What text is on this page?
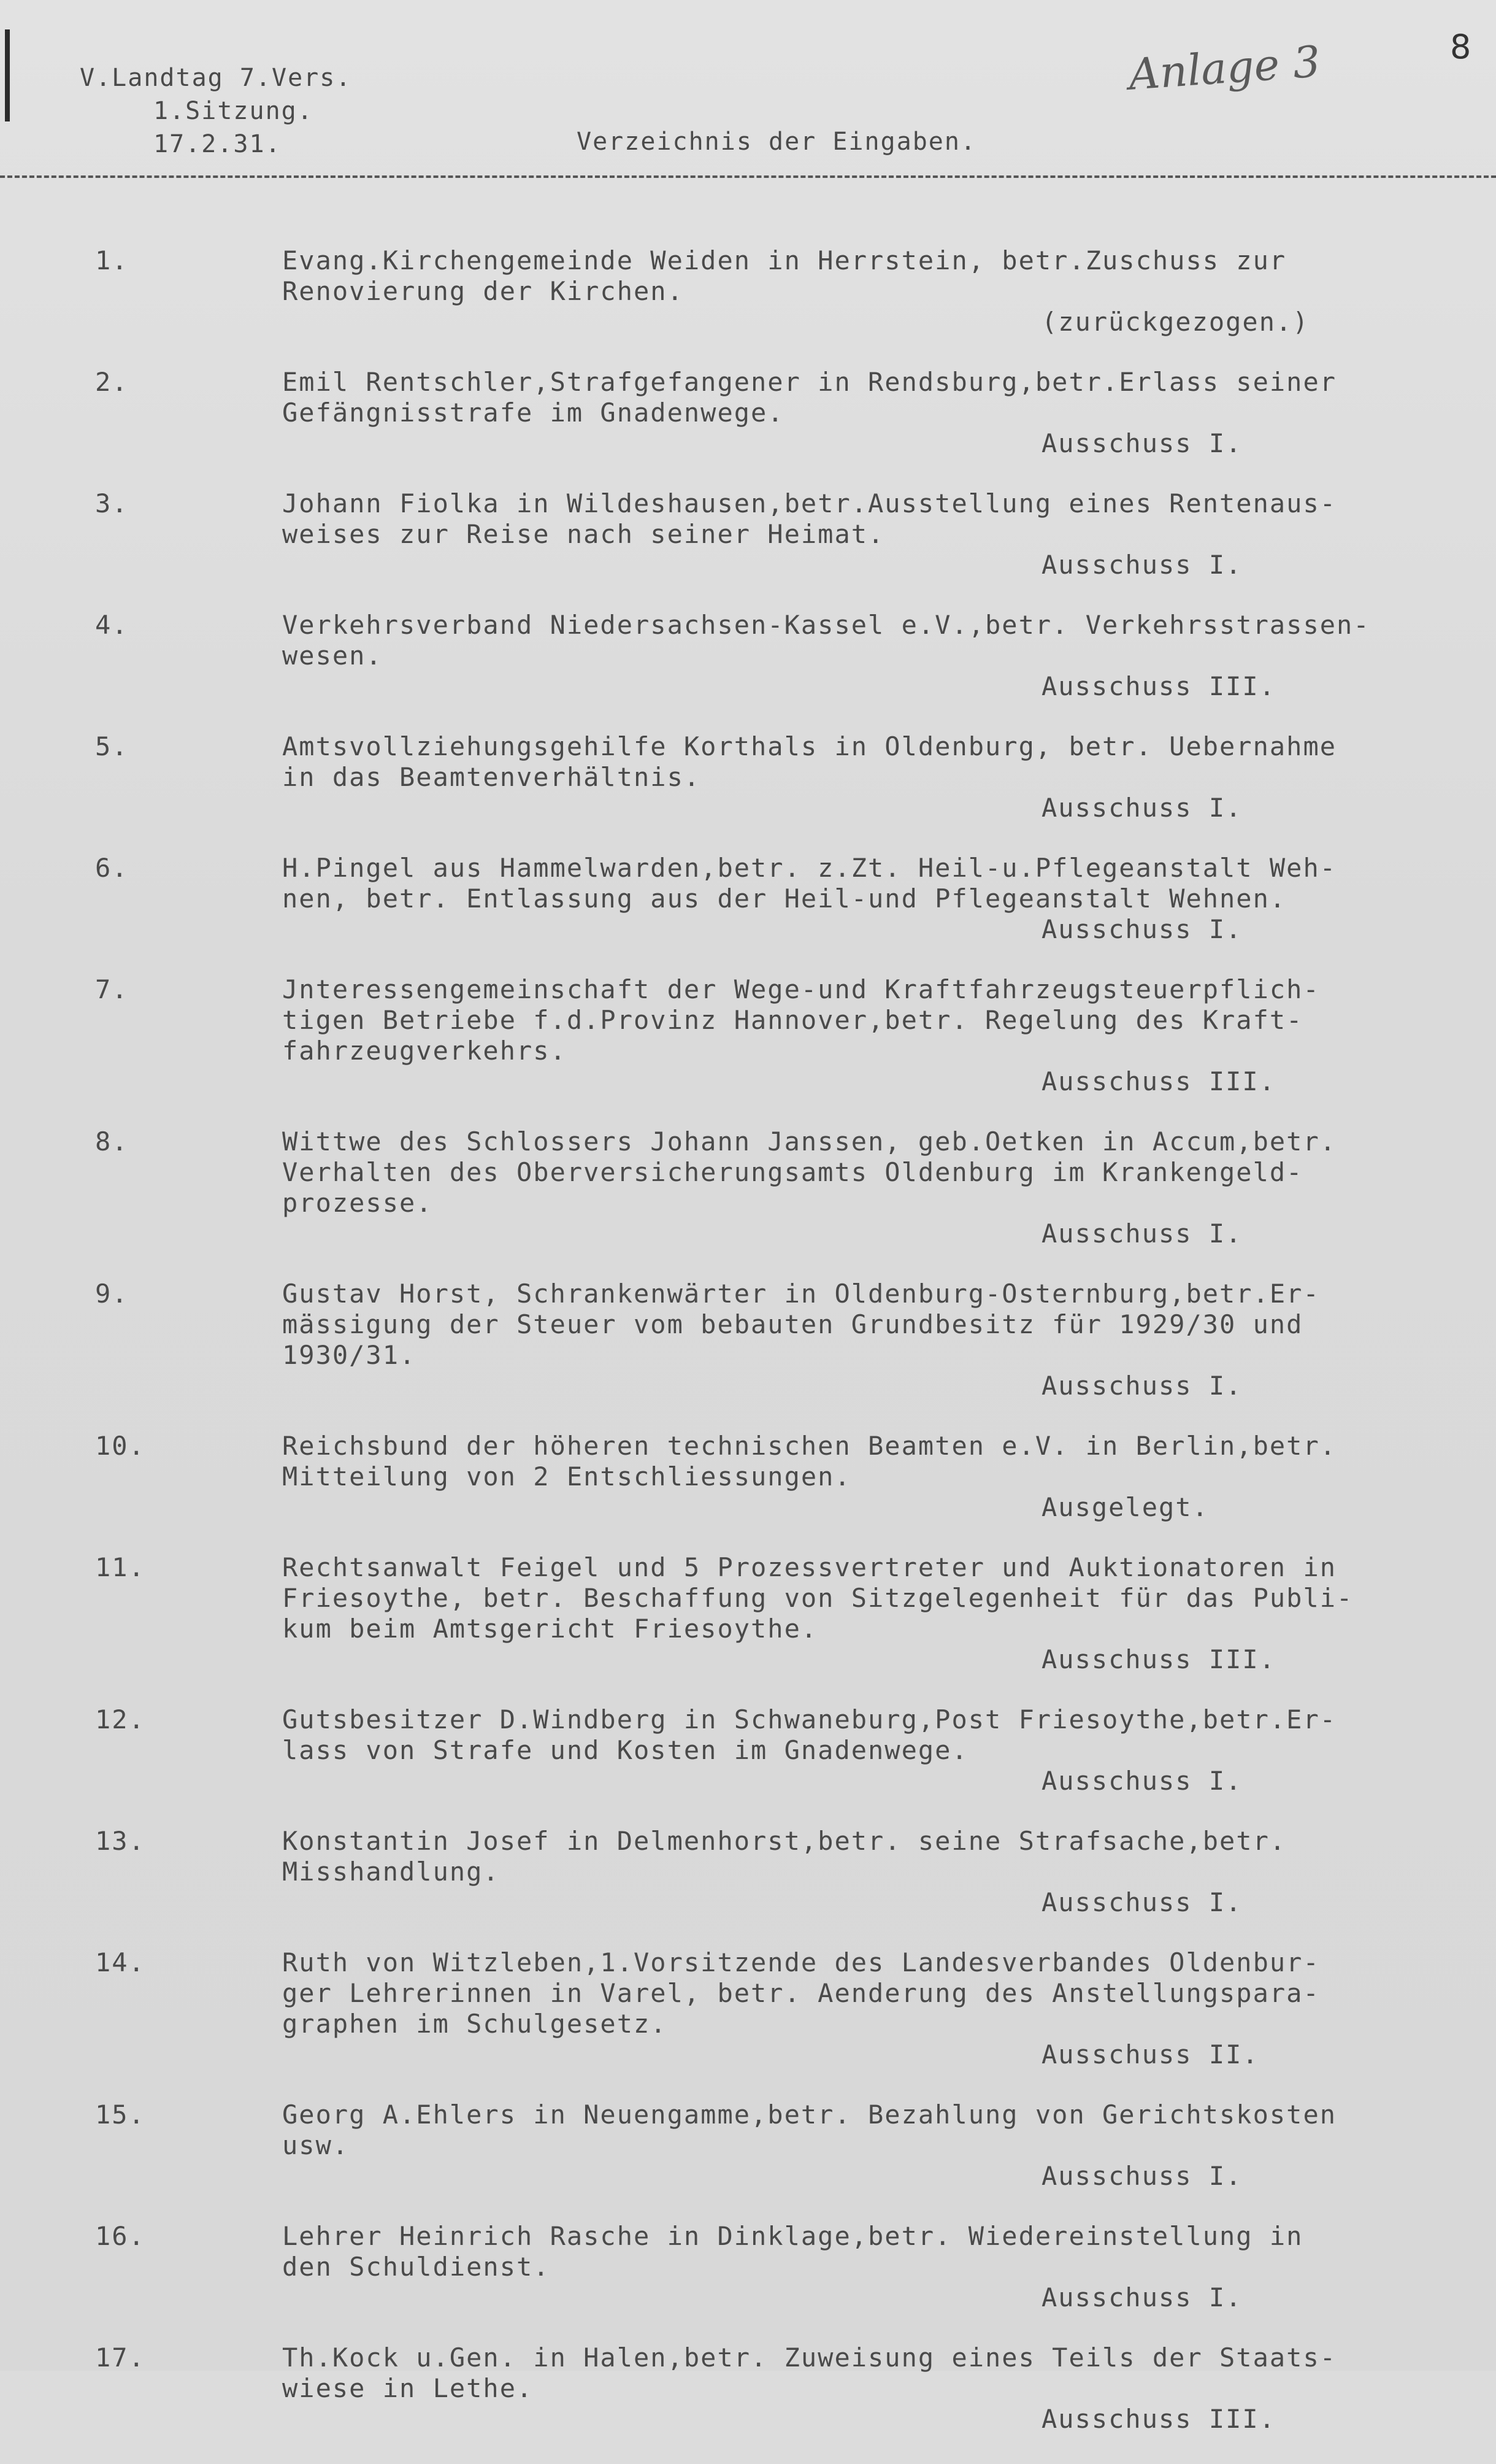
V.Landtag 7.Vers.
1.Sitzung.
17.2.31.	Verzeichnis der Eingaben.
Anlage 3	8
1.	Evang.Kirchengemeinde Weiden in Herrstein, betr.Zuschuss zur
Renovierung der Kirchen.
(zurückgezogen.)
2.	Emil Rentschler,Strafgefangener in Rendsburg,betr.Erlass seiner
Gefängnisstrafe im Gnadenwege.
Ausschuss I.
3.	Johann Fiolka in Wildeshausen,betr.Ausstellung eines Rentenaus-
weises zur Reise nach seiner Heimat.
Ausschuss I.
4.	Verkehrsverband Niedersachsen-Kassel e.V.,betr. Verkehrsstrassen-
wesen.
Ausschuss III.
5.	Amtsvollziehungsgehilfe Korthals in Oldenburg, betr. Uebernahme
in das Beamtenverhältnis.
Ausschuss I.
6.	H.Pingel aus Hammelwarden,betr. z.Zt. Heil-u.Pflegeanstalt Weh-
nen, betr. Entlassung aus der Heil-und Pflegeanstalt Wehnen.
Ausschuss I.
7.	Jnteressengemeinschaft der Wege-und Kraftfahrzeugsteuerpflich-
tigen Betriebe f.d.Provinz Hannover,betr. Regelung des Kraft-
fahrzeugverkehrs.
Ausschuss III.
8.	Wittwe des Schlossers Johann Janssen, geb.Oetken in Accum,betr.
Verhalten des Oberversicherungsamts Oldenburg im Krankengeld-
prozesse.
Ausschuss I.
9.	Gustav Horst, Schrankenwärter in Oldenburg-Osternburg,betr.Er-
mässigung der Steuer vom bebauten Grundbesitz für 1929/30 und
1930/31.
Ausschuss I.
10.	Reichsbund der höheren technischen Beamten e.V. in Berlin,betr.
Mitteilung von 2 Entschliessungen.
Ausgelegt.
11.	Rechtsanwalt Feigel und 5 Prozessvertreter und Auktionatoren in
Friesoythe, betr. Beschaffung von Sitzgelegenheit für das Publi-
kum beim Amtsgericht Friesoythe.
Ausschuss III.
12.	Gutsbesitzer D.Windberg in Schwaneburg,Post Friesoythe,betr.Er-
lass von Strafe und Kosten im Gnadenwege.
Ausschuss I.
13.	Konstantin Josef in Delmenhorst,betr. seine Strafsache,betr.
Misshandlung.
Ausschuss I.
14.	Ruth von Witzleben,1.Vorsitzende des Landesverbandes Oldenbur-
ger Lehrerinnen in Varel, betr. Aenderung des Anstellungspara-
graphen im Schulgesetz.
Ausschuss II.
15.	Georg A.Ehlers in Neuengamme,betr. Bezahlung von Gerichtskosten
usw.
Ausschuss I.
16.	Lehrer Heinrich Rasche in Dinklage,betr. Wiedereinstellung in
den Schuldienst.
Ausschuss I.
17.	Th.Kock u.Gen. in Halen,betr. Zuweisung eines Teils der Staats-
wiese in Lethe.
Ausschuss III.
